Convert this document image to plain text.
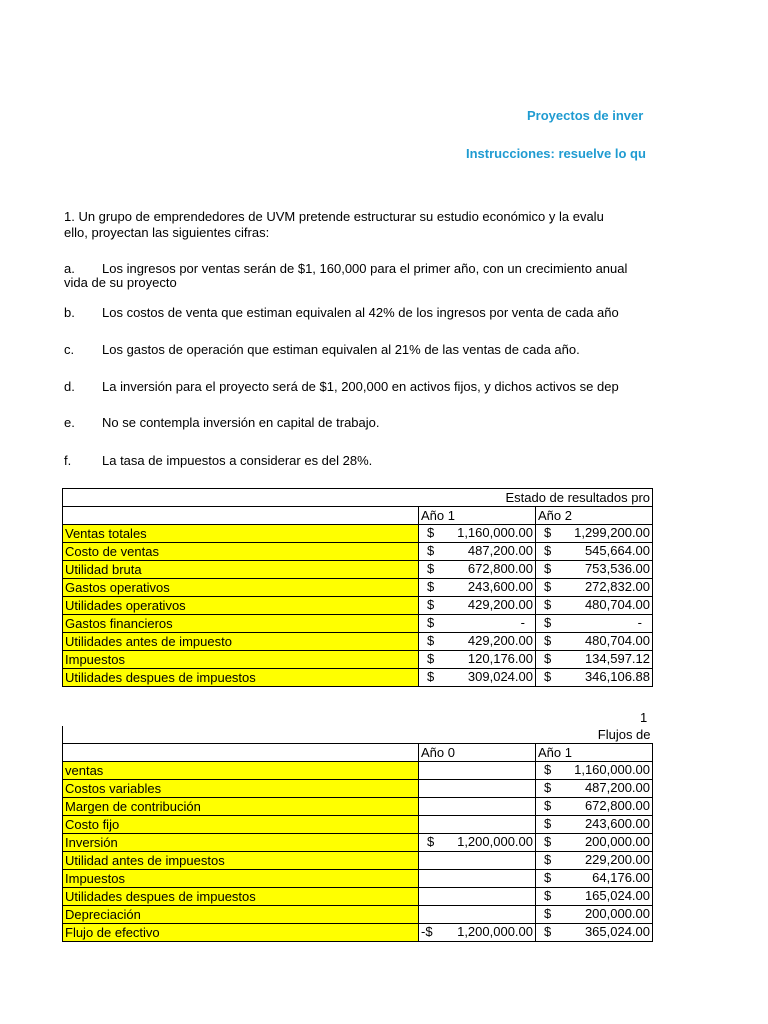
Proyectos de inver
Instrucciones: resuelve lo qu
1. Un grupo de emprendedores de UVM pretende estructurar su estudio económico y la evalu
ello, proyectan las siguientes cifras:
a. Los ingresos por ventas serán de $1, 160,000 para el primer año, con un crecimiento anual
vida de su proyecto
b. Los costos de venta que estiman equivalen al 42% de los ingresos por venta de cada año
c. Los gastos de operación que estiman equivalen al 21% de las ventas de cada año.
d. La inversión para el proyecto será de $1, 200,000 en activos fijos, y dichos activos se dep
e. No se contempla inversión en capital de trabajo.
f. La tasa de impuestos a considerar es del 28%.
Estado de resultados pro		
	Año 1	Año 2
Ventas totales	$ 1,160,000.00	$ 1,299,200.00

Costo de ventas	$ 487,200.00	$ 545,664.00

Utilidad bruta	$ 672,800.00	$ 753,536.00

Gastos operativos	$ 243,600.00	$ 272,832.00

Utilidades operativos	$ 429,200.00	$ 480,704.00

Gastos financieros	$ -	$ -

Utilidades antes de impuesto	$ 429,200.00	$ 480,704.00

Impuestos	$ 120,176.00	$ 134,597.12

Utilidades despues de impuestos	$ 309,024.00	$ 346,106.88
1
Flujos de		
	Año 0	Año 1
ventas		$ 1,160,000.00

Costos variables		$ 487,200.00

Margen de contribución		$ 672,800.00

Costo fijo		$ 243,600.00

Inversión	$ 1,200,000.00	$ 200,000.00

Utilidad antes de impuestos		$ 229,200.00

Impuestos		$ 64,176.00

Utilidades despues de impuestos		$ 165,024.00

Depreciación		$ 200,000.00

Flujo de efectivo	-$ 1,200,000.00	$ 365,024.00
